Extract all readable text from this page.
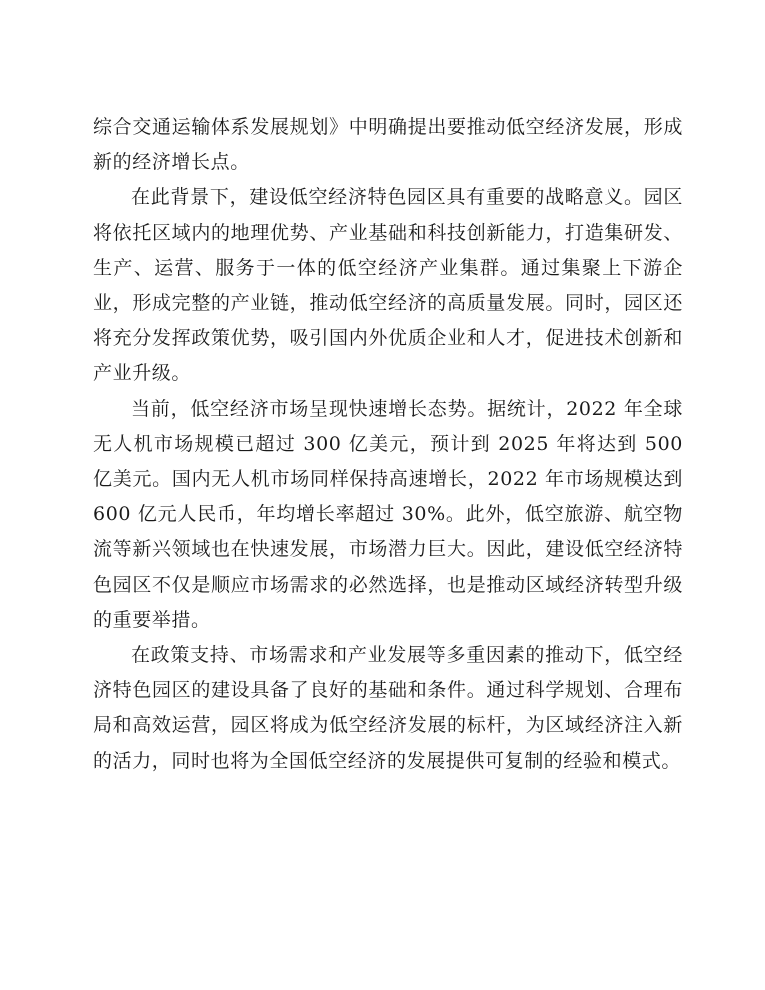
综合交通运输体系发展规划》中明确提出要推动低空经济发展，形成新的经济增长点。

在此背景下，建设低空经济特色园区具有重要的战略意义。园区将依托区域内的地理优势、产业基础和科技创新能力，打造集研发、生产、运营、服务于一体的低空经济产业集群。通过集聚上下游企业，形成完整的产业链，推动低空经济的高质量发展。同时，园区还将充分发挥政策优势，吸引国内外优质企业和人才，促进技术创新和产业升级。

当前，低空经济市场呈现快速增长态势。据统计，2022 年全球无人机市场规模已超过 300 亿美元，预计到 2025 年将达到 500 亿美元。国内无人机市场同样保持高速增长，2022 年市场规模达到 600 亿元人民币，年均增长率超过 30%。此外，低空旅游、航空物流等新兴领域也在快速发展，市场潜力巨大。因此，建设低空经济特色园区不仅是顺应市场需求的必然选择，也是推动区域经济转型升级的重要举措。

在政策支持、市场需求和产业发展等多重因素的推动下，低空经济特色园区的建设具备了良好的基础和条件。通过科学规划、合理布局和高效运营，园区将成为低空经济发展的标杆，为区域经济注入新的活力，同时也将为全国低空经济的发展提供可复制的经验和模式。
